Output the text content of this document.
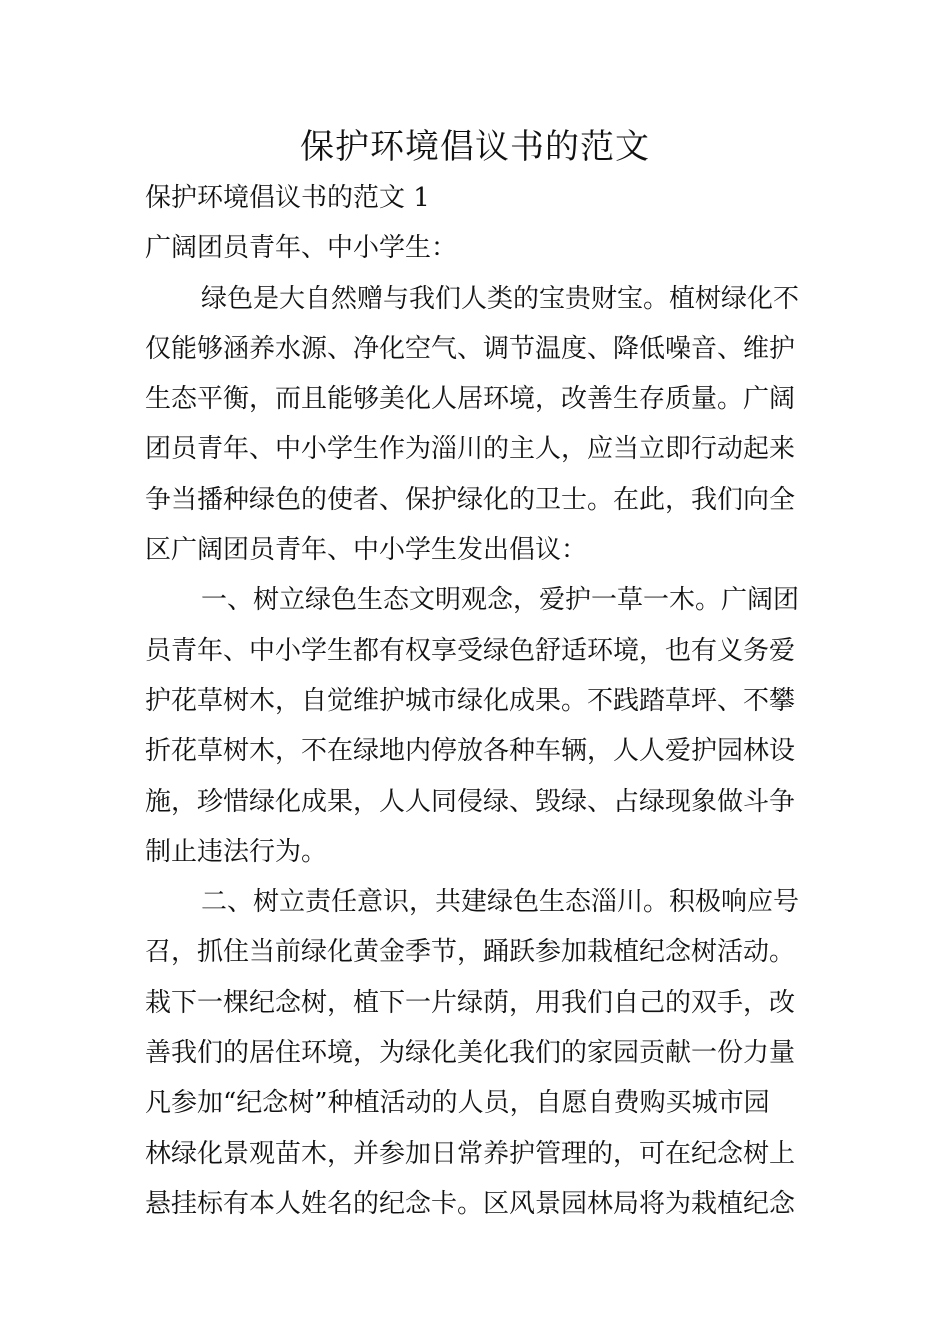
保护环境倡议书的范文
保护环境倡议书的范文 1
广阔团员青年、中小学生：
绿色是大自然赠与我们人类的宝贵财宝。植树绿化不
仅能够涵养水源、净化空气、调节温度、降低噪音、维护
生态平衡，而且能够美化人居环境，改善生存质量。广阔
团员青年、中小学生作为淄川的主人，应当立即行动起来
争当播种绿色的使者、保护绿化的卫士。在此，我们向全
区广阔团员青年、中小学生发出倡议：
一、树立绿色生态文明观念，爱护一草一木。广阔团
员青年、中小学生都有权享受绿色舒适环境，也有义务爱
护花草树木，自觉维护城市绿化成果。不践踏草坪、不攀
折花草树木，不在绿地内停放各种车辆，人人爱护园林设
施，珍惜绿化成果，人人同侵绿、毁绿、占绿现象做斗争
制止违法行为。
二、树立责任意识，共建绿色生态淄川。积极响应号
召，抓住当前绿化黄金季节，踊跃参加栽植纪念树活动。
栽下一棵纪念树，植下一片绿荫，用我们自己的双手，改
善我们的居住环境，为绿化美化我们的家园贡献一份力量
凡参加“纪念树”种植活动的人员，自愿自费购买城市园
林绿化景观苗木，并参加日常养护管理的，可在纪念树上
悬挂标有本人姓名的纪念卡。区风景园林局将为栽植纪念
